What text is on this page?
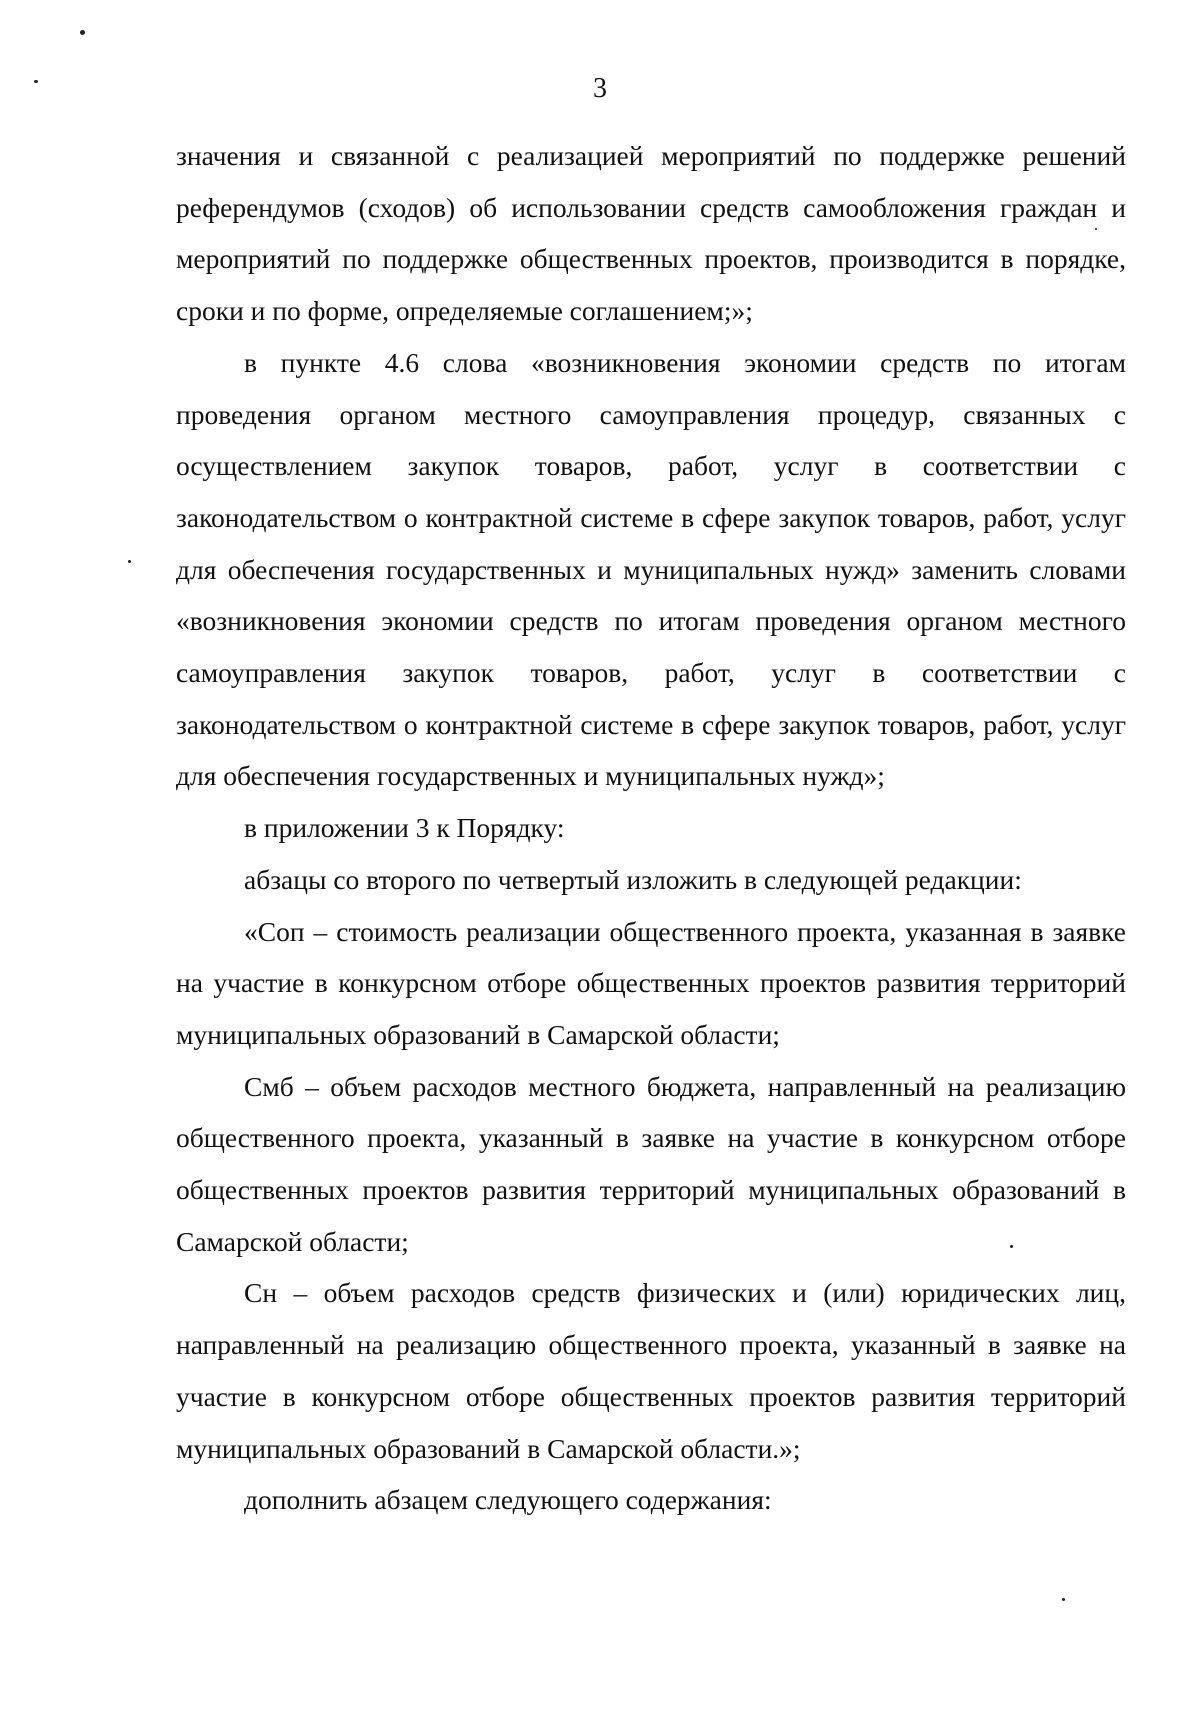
3

значения и связанной с реализацией мероприятий по поддержке решений референдумов (сходов) об использовании средств самообложения граждан и мероприятий по поддержке общественных проектов, производится в порядке, сроки и по форме, определяемые соглашением;»;

в пункте 4.6 слова «возникновения экономии средств по итогам проведения органом местного самоуправления процедур, связанных с осуществлением закупок товаров, работ, услуг в соответствии с законодательством о контрактной системе в сфере закупок товаров, работ, услуг для обеспечения государственных и муниципальных нужд» заменить словами «возникновения экономии средств по итогам проведения органом местного самоуправления закупок товаров, работ, услуг в соответствии с законодательством о контрактной системе в сфере закупок товаров, работ, услуг для обеспечения государственных и муниципальных нужд»;

в приложении 3 к Порядку:

абзацы со второго по четвертый изложить в следующей редакции:

«Соп – стоимость реализации общественного проекта, указанная в заявке на участие в конкурсном отборе общественных проектов развития территорий муниципальных образований в Самарской области;

Смб – объем расходов местного бюджета, направленный на реализацию общественного проекта, указанный в заявке на участие в конкурсном отборе общественных проектов развития территорий муниципальных образований в Самарской области;

Сн – объем расходов средств физических и (или) юридических лиц, направленный на реализацию общественного проекта, указанный в заявке на участие в конкурсном отборе общественных проектов развития территорий муниципальных образований в Самарской области.»;

дополнить абзацем следующего содержания:
